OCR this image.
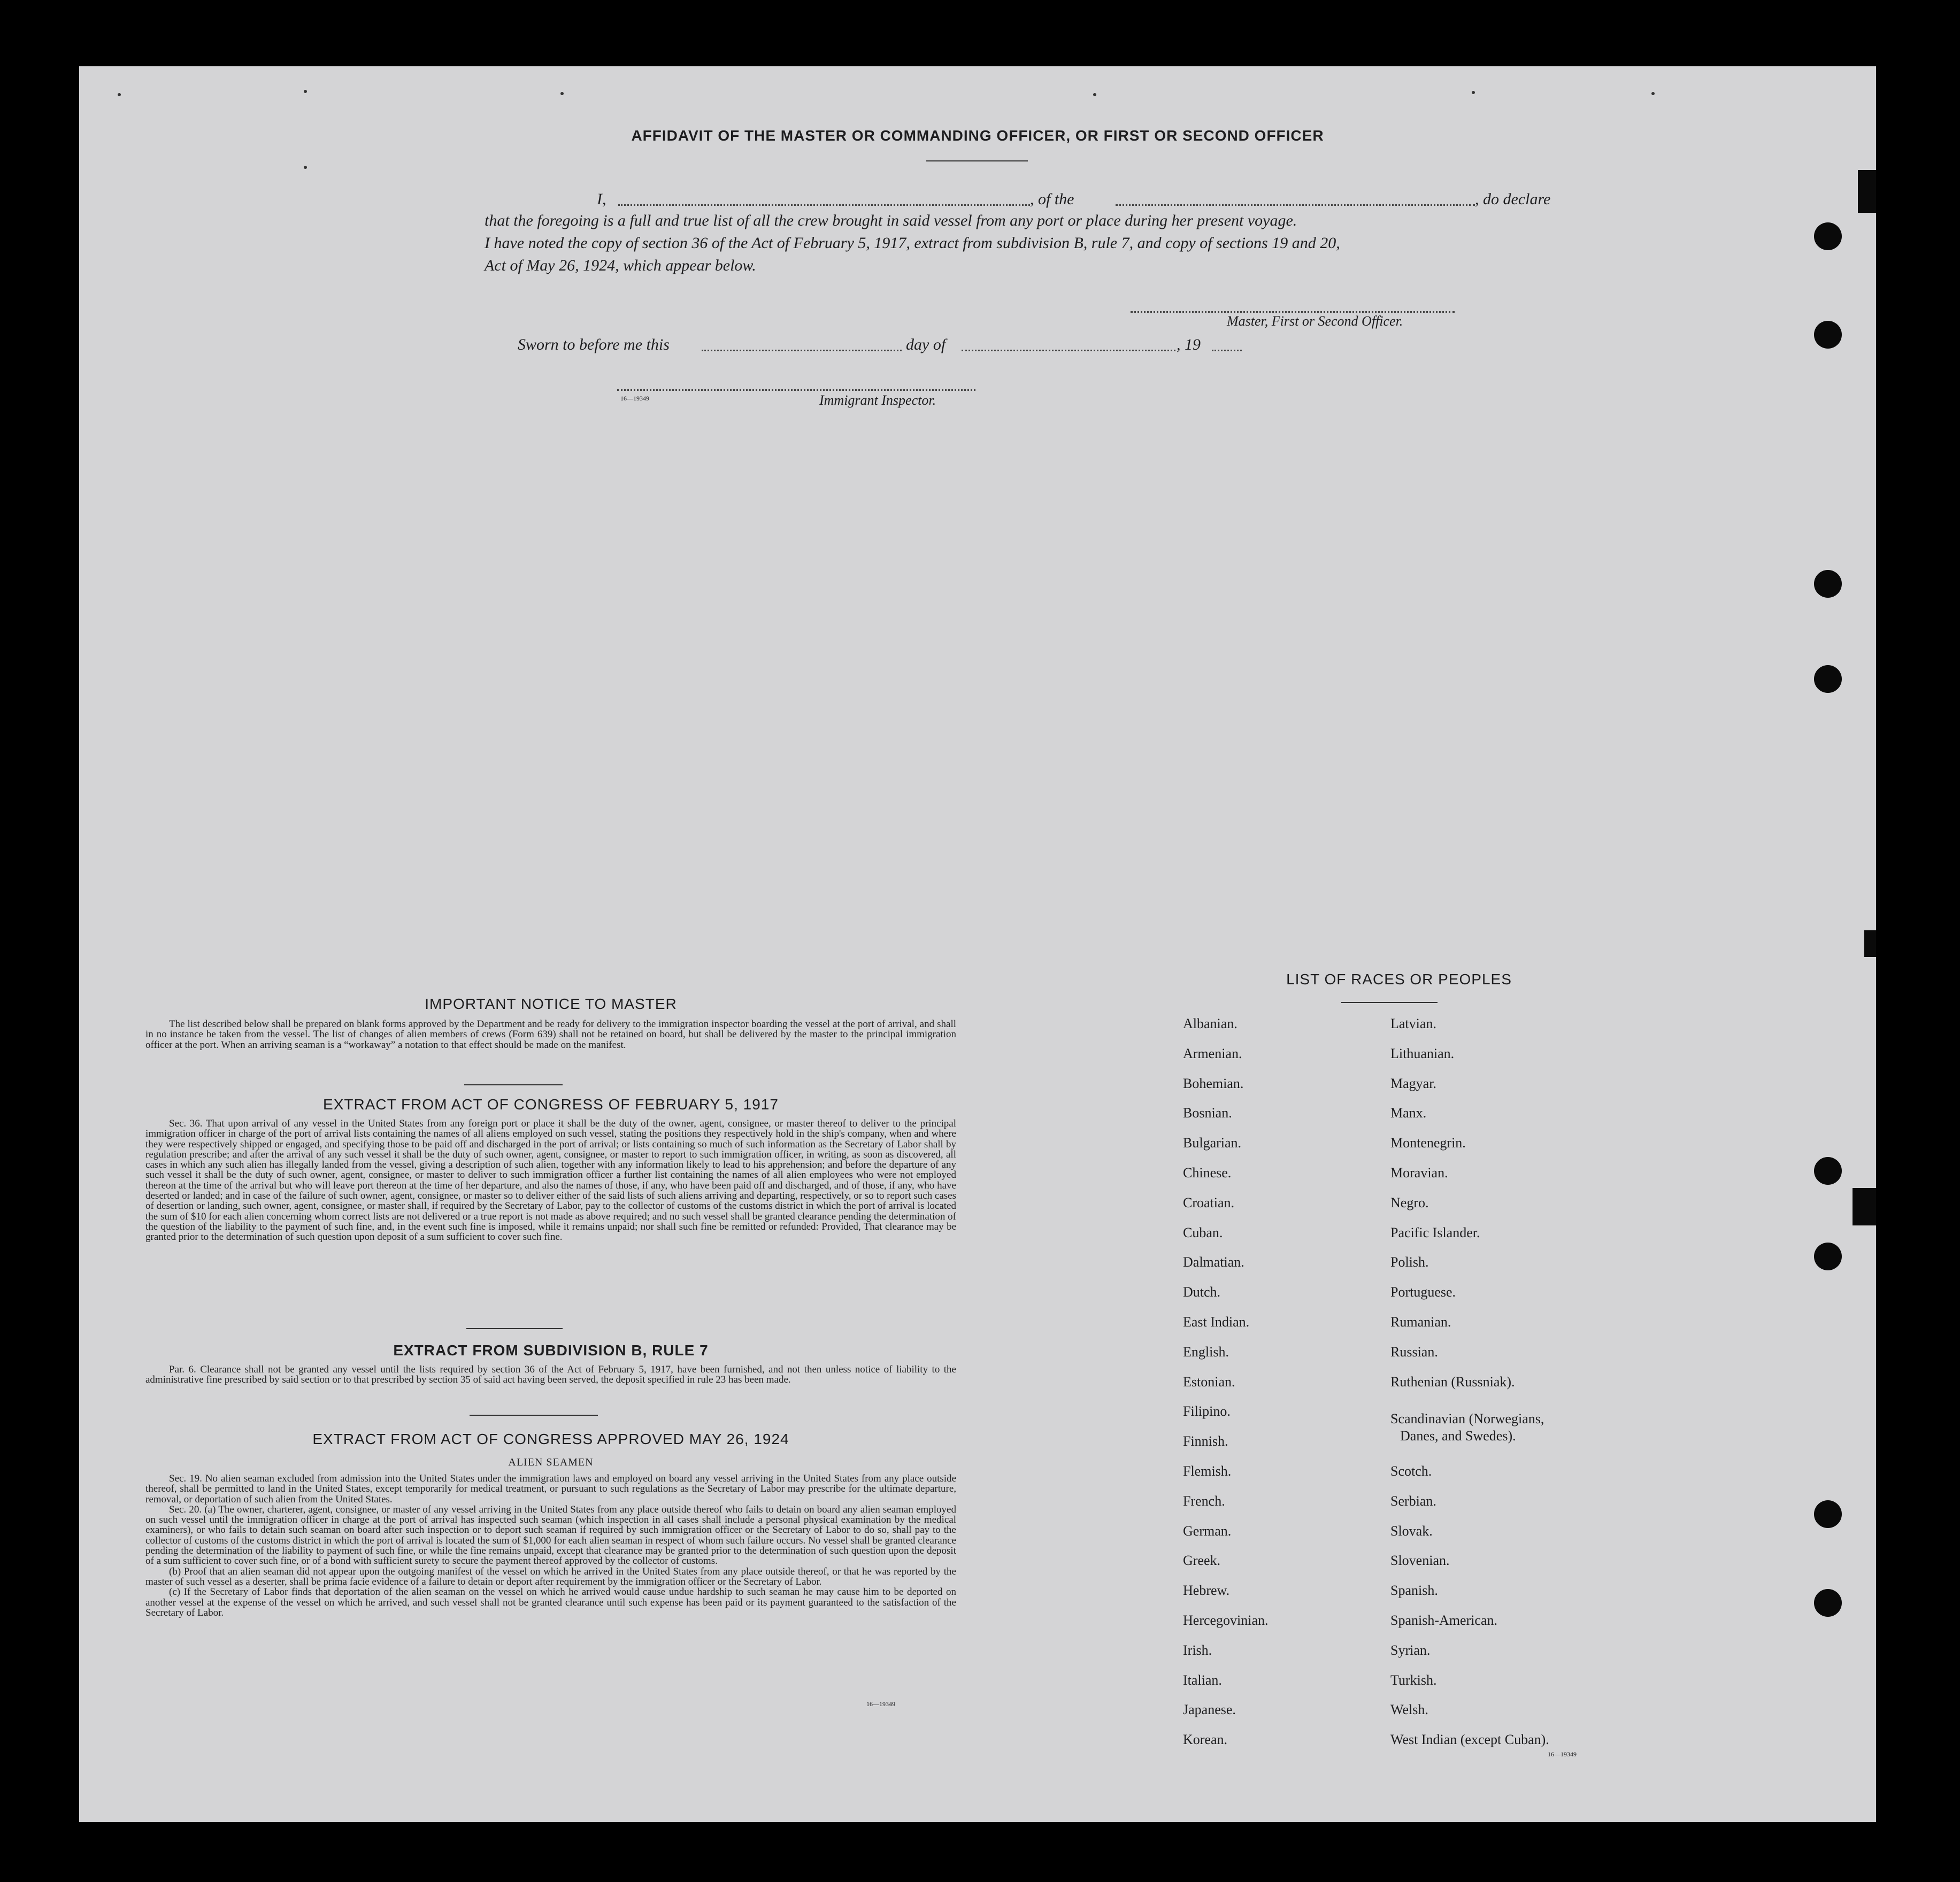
AFFIDAVIT OF THE MASTER OR COMMANDING OFFICER, OR FIRST OR SECOND OFFICER
I,	, of the	, do declare
that the foregoing is a full and true list of all the crew brought in said vessel from any port or place during her present voyage.
I have noted the copy of section 36 of the Act of February 5, 1917, extract from subdivision B, rule 7, and copy of sections 19 and 20,
Act of May 26, 1924, which appear below.
Master, First or Second Officer.
Sworn to before me this	day of	, 19
16—19349	Immigrant Inspector.
IMPORTANT NOTICE TO MASTER

The list described below shall be prepared on blank forms approved by the Department and be ready for delivery to the immigration inspector boarding the vessel at the port of arrival, and shall in no instance be taken from the vessel. The list of changes of alien members of crews (Form 639) shall not be retained on board, but shall be delivered by the master to the principal immigration officer at the port. When an arriving seaman is a “workaway” a notation to that effect should be made on the manifest.

EXTRACT FROM ACT OF CONGRESS OF FEBRUARY 5, 1917

Sec. 36. That upon arrival of any vessel in the United States from any foreign port or place it shall be the duty of the owner, agent, consignee, or master thereof to deliver to the principal immigration officer in charge of the port of arrival lists containing the names of all aliens employed on such vessel, stating the positions they respectively hold in the ship's company, when and where they were respectively shipped or engaged, and specifying those to be paid off and discharged in the port of arrival; or lists containing so much of such information as the Secretary of Labor shall by regulation prescribe; and after the arrival of any such vessel it shall be the duty of such owner, agent, consignee, or master to report to such immigration officer, in writing, as soon as discovered, all cases in which any such alien has illegally landed from the vessel, giving a description of such alien, together with any information likely to lead to his apprehension; and before the departure of any such vessel it shall be the duty of such owner, agent, consignee, or master to deliver to such immigration officer a further list containing the names of all alien employees who were not employed thereon at the time of the arrival but who will leave port thereon at the time of her departure, and also the names of those, if any, who have been paid off and discharged, and of those, if any, who have deserted or landed; and in case of the failure of such owner, agent, consignee, or master so to deliver either of the said lists of such aliens arriving and departing, respectively, or so to report such cases of desertion or landing, such owner, agent, consignee, or master shall, if required by the Secretary of Labor, pay to the collector of customs of the customs district in which the port of arrival is located the sum of $10 for each alien concerning whom correct lists are not delivered or a true report is not made as above required; and no such vessel shall be granted clearance pending the determination of the question of the liability to the payment of such fine, and, in the event such fine is imposed, while it remains unpaid; nor shall such fine be remitted or refunded: Provided, That clearance may be granted prior to the determination of such question upon deposit of a sum sufficient to cover such fine.

EXTRACT FROM SUBDIVISION B, RULE 7

Par. 6. Clearance shall not be granted any vessel until the lists required by section 36 of the Act of February 5, 1917, have been furnished, and not then unless notice of liability to the administrative fine prescribed by said section or to that prescribed by section 35 of said act having been served, the deposit specified in rule 23 has been made.

EXTRACT FROM ACT OF CONGRESS APPROVED MAY 26, 1924
ALIEN SEAMEN

Sec. 19. No alien seaman excluded from admission into the United States under the immigration laws and employed on board any vessel arriving in the United States from any place outside thereof, shall be permitted to land in the United States, except temporarily for medical treatment, or pursuant to such regulations as the Secretary of Labor may prescribe for the ultimate departure, removal, or deportation of such alien from the United States.

Sec. 20. (a) The owner, charterer, agent, consignee, or master of any vessel arriving in the United States from any place outside thereof who fails to detain on board any alien seaman employed on such vessel until the immigration officer in charge at the port of arrival has inspected such seaman (which inspection in all cases shall include a personal physical examination by the medical examiners), or who fails to detain such seaman on board after such inspection or to deport such seaman if required by such immigration officer or the Secretary of Labor to do so, shall pay to the collector of customs of the customs district in which the port of arrival is located the sum of $1,000 for each alien seaman in respect of whom such failure occurs. No vessel shall be granted clearance pending the determination of the liability to payment of such fine, or while the fine remains unpaid, except that clearance may be granted prior to the determination of such question upon the deposit of a sum sufficient to cover such fine, or of a bond with sufficient surety to secure the payment thereof approved by the collector of customs.

(b) Proof that an alien seaman did not appear upon the outgoing manifest of the vessel on which he arrived in the United States from any place outside thereof, or that he was reported by the master of such vessel as a deserter, shall be prima facie evidence of a failure to detain or deport after requirement by the immigration officer or the Secretary of Labor.

(c) If the Secretary of Labor finds that deportation of the alien seaman on the vessel on which he arrived would cause undue hardship to such seaman he may cause him to be deported on another vessel at the expense of the vessel on which he arrived, and such vessel shall not be granted clearance until such expense has been paid or its payment guaranteed to the satisfaction of the Secretary of Labor.

16—19349
LIST OF RACES OR PEOPLES
Albanian.
Armenian.
Bohemian.
Bosnian.
Bulgarian.
Chinese.
Croatian.
Cuban.
Dalmatian.
Dutch.
East Indian.
English.
Estonian.
Filipino.
Finnish.
Flemish.
French.
German.
Greek.
Hebrew.
Hercegovinian.
Irish.
Italian.
Japanese.
Korean.
Latvian.
Lithuanian.
Magyar.
Manx.
Montenegrin.
Moravian.
Negro.
Pacific Islander.
Polish.
Portuguese.
Rumanian.
Russian.
Ruthenian (Russniak).
Scandinavian (Norwegians,
Danes, and Swedes).
Scotch.
Serbian.
Slovak.
Slovenian.
Spanish.
Spanish-American.
Syrian.
Turkish.
Welsh.
West Indian (except Cuban).
16—19349
